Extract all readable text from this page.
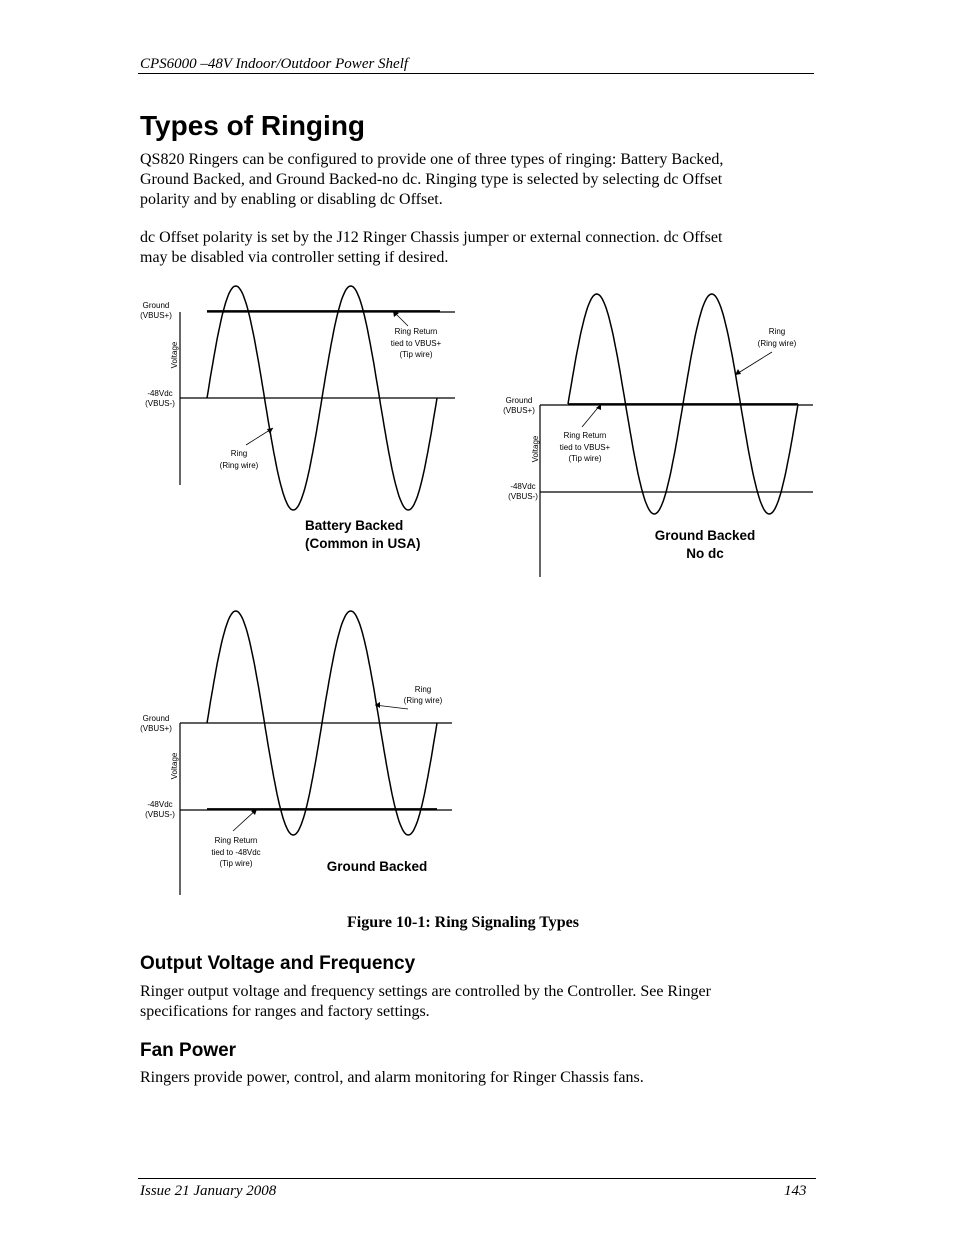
CPS6000 –48V Indoor/Outdoor Power Shelf
Types of Ringing
QS820 Ringers can be configured to provide one of three types of ringing: Battery Backed,
Ground Backed, and Ground Backed-no dc. Ringing type is selected by selecting dc Offset
polarity and by enabling or disabling dc Offset.
dc Offset polarity is set by the J12 Ringer Chassis jumper or external connection. dc Offset
may be disabled via controller setting if desired.
Ground
(VBUS+)
-48Vdc
(VBUS-)
Voltage
Ring Return
tied to VBUS+
(Tip wire)
Ring
(Ring wire)
Battery Backed
(Common in USA)
Ground
(VBUS+)
-48Vdc
(VBUS-)
Voltage
Ring
(Ring wire)
Ring Return
tied to VBUS+
(Tip wire)
Ground Backed
No dc
Ground
(VBUS+)
-48Vdc
(VBUS-)
Voltage
Ring
(Ring wire)
Ring Return
tied to -48Vdc
(Tip wire)	Ground Backed
Figure 10-1: Ring Signaling Types
Output Voltage and Frequency
Ringer output voltage and frequency settings are controlled by the Controller. See Ringer
specifications for ranges and factory settings.
Fan Power
Ringers provide power, control, and alarm monitoring for Ringer Chassis fans.
Issue 21 January 2008	143
